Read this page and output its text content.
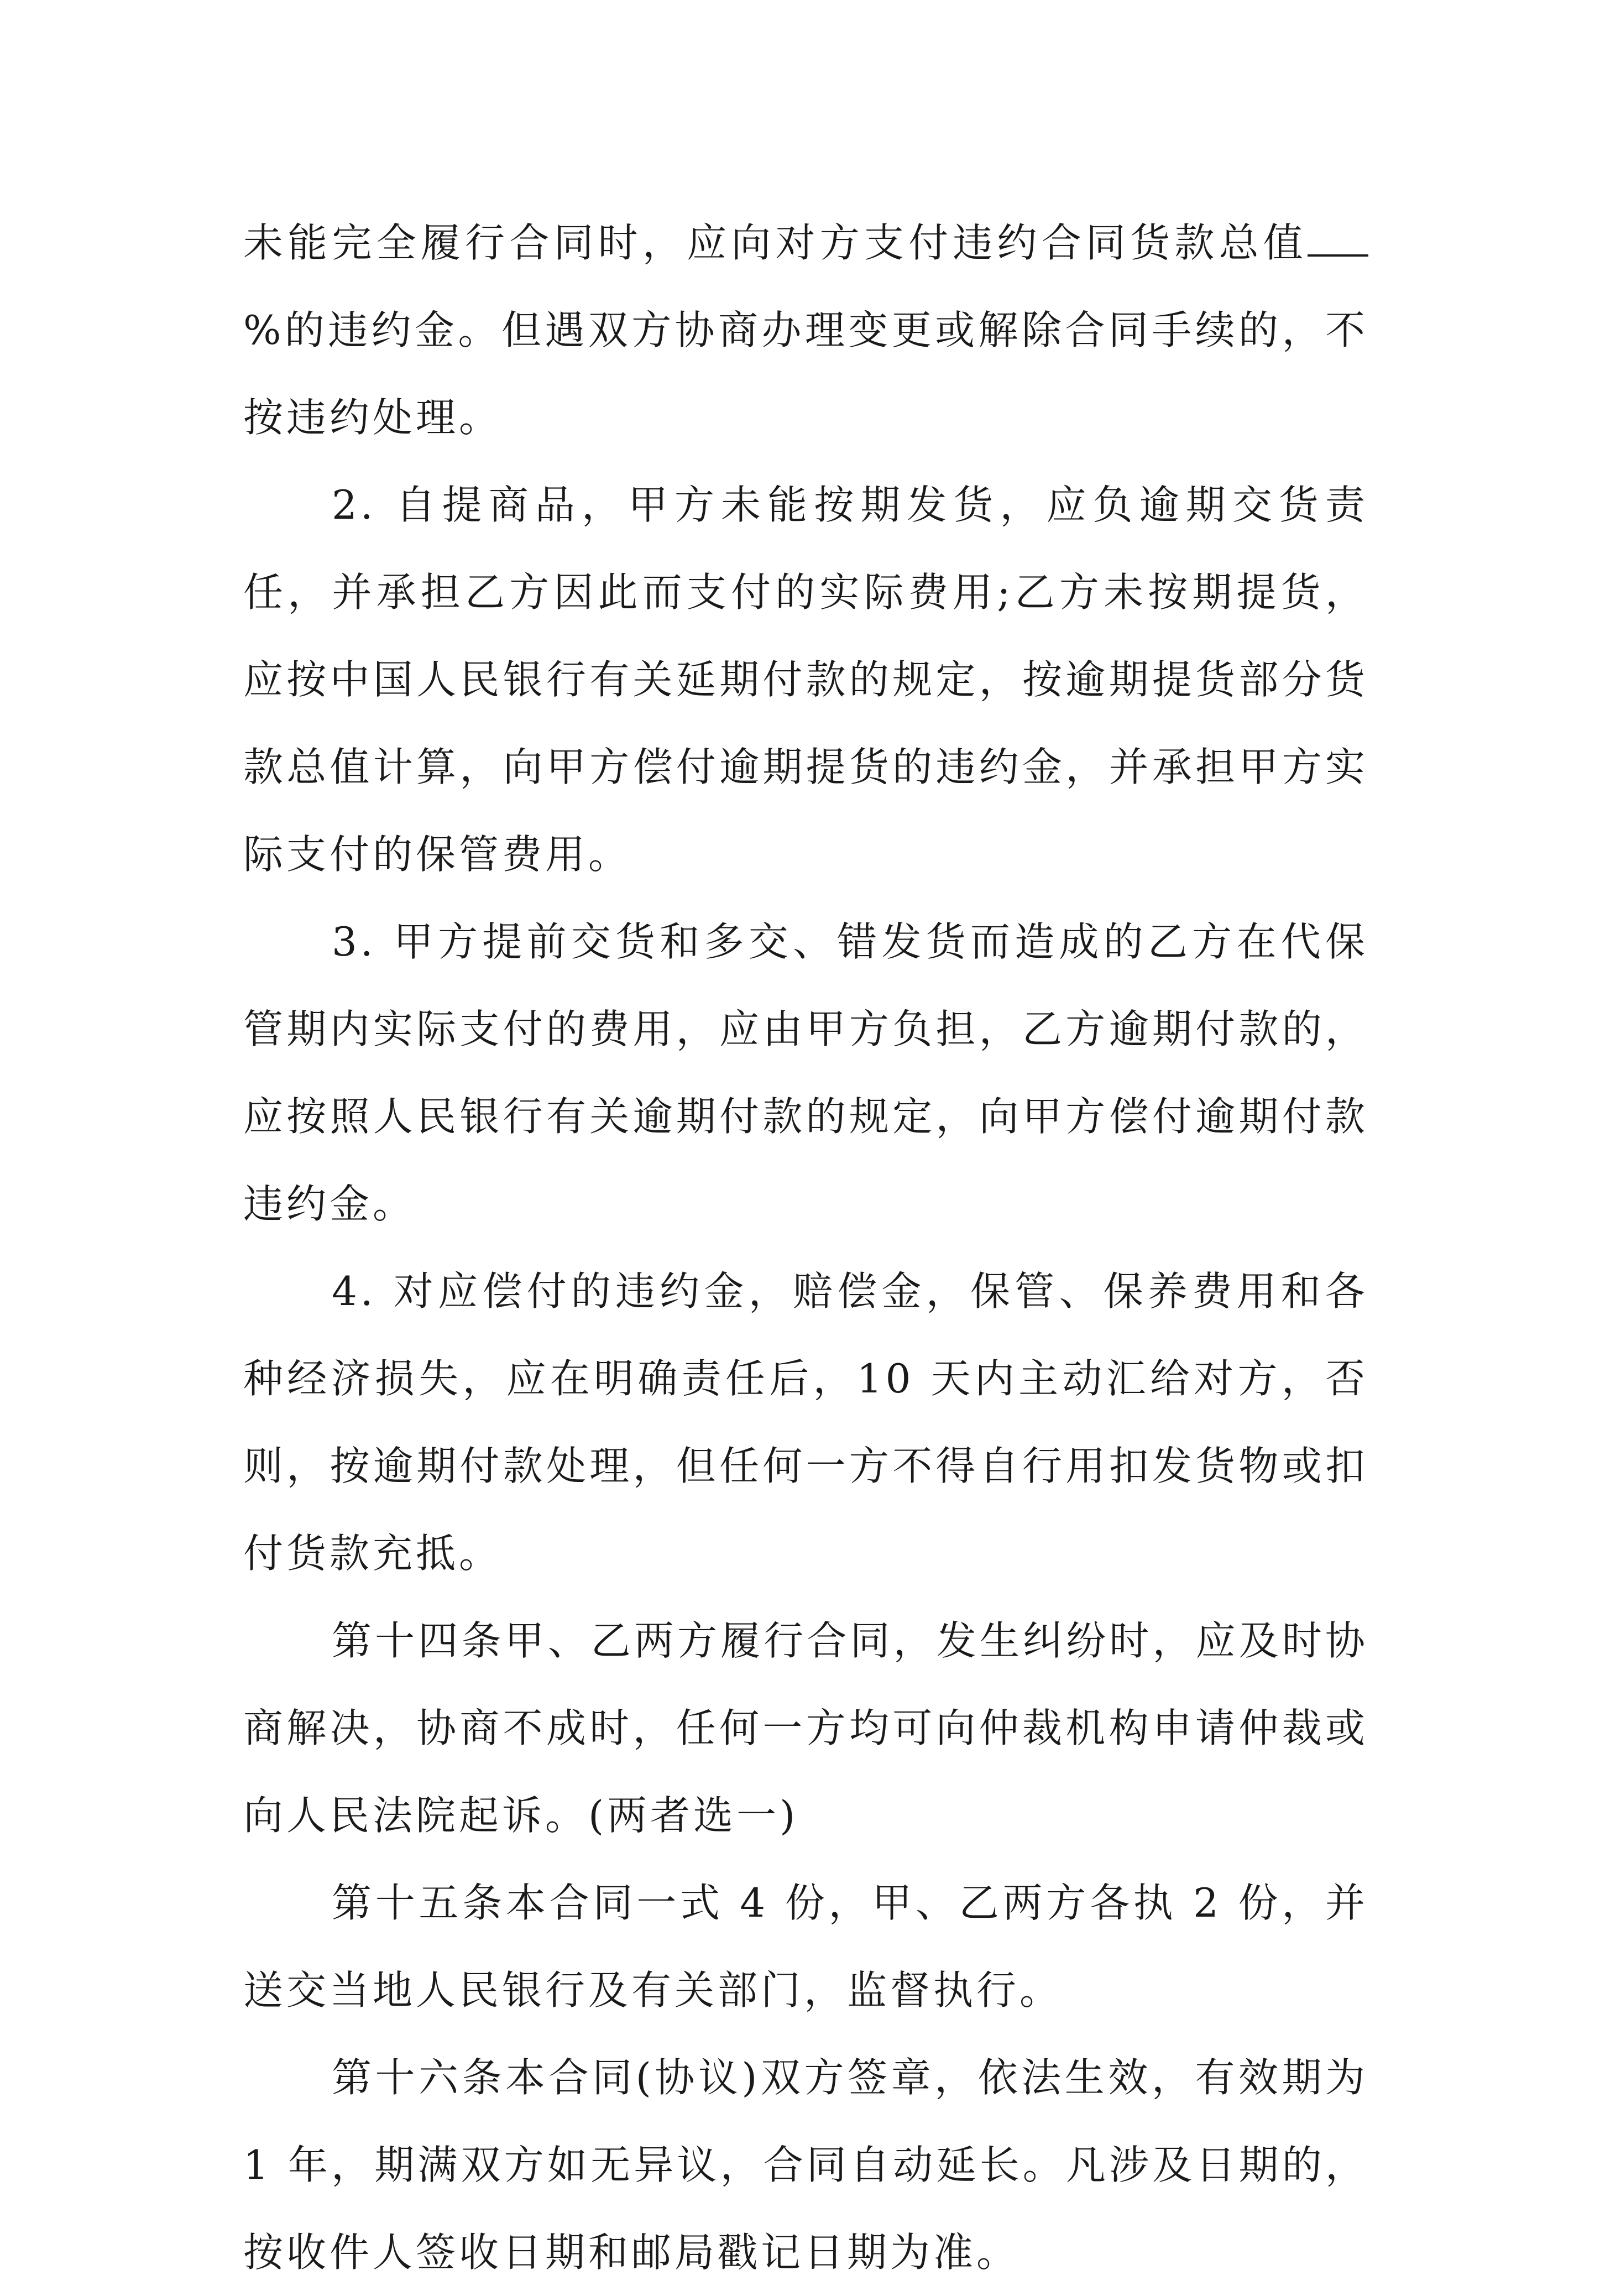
未能完全履行合同时，应向对方支付违约合同货款总值%的违约金。但遇双方协商办理变更或解除合同手续的，不按违约处理。

2. 自提商品，甲方未能按期发货，应负逾期交货责任，并承担乙方因此而支付的实际费用;乙方未按期提货，应按中国人民银行有关延期付款的规定，按逾期提货部分货款总值计算，向甲方偿付逾期提货的违约金，并承担甲方实际支付的保管费用。

3. 甲方提前交货和多交、错发货而造成的乙方在代保管期内实际支付的费用，应由甲方负担，乙方逾期付款的，应按照人民银行有关逾期付款的规定，向甲方偿付逾期付款违约金。

4. 对应偿付的违约金，赔偿金，保管、保养费用和各种经济损失，应在明确责任后，10 天内主动汇给对方，否则，按逾期付款处理，但任何一方不得自行用扣发货物或扣付货款充抵。

第十四条甲、乙两方履行合同，发生纠纷时，应及时协商解决，协商不成时，任何一方均可向仲裁机构申请仲裁或向人民法院起诉。(两者选一)

第十五条本合同一式 4 份，甲、乙两方各执 2 份，并送交当地人民银行及有关部门，监督执行。

第十六条本合同(协议)双方签章，依法生效，有效期为 1 年，期满双方如无异议，合同自动延长。凡涉及日期的，按收件人签收日期和邮局戳记日期为准。
